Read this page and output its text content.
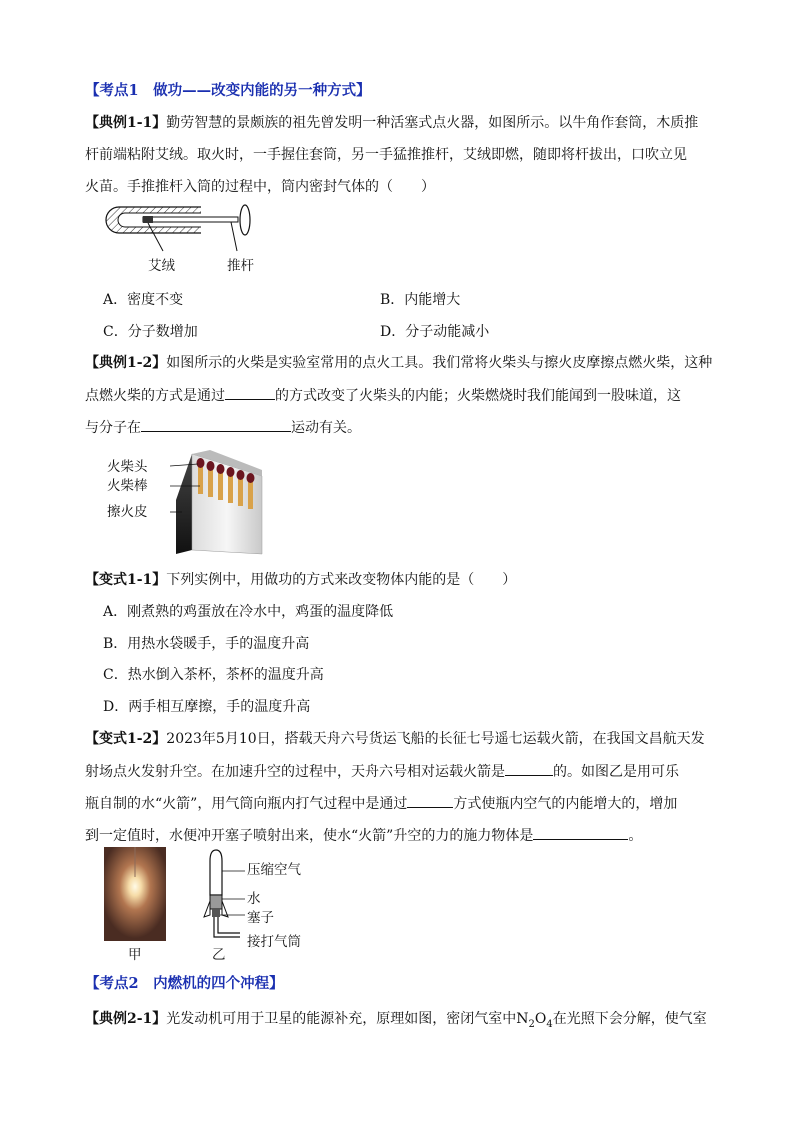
【考点1　做功——改变内能的另一种方式】
【典例1-1】勤劳智慧的景颇族的祖先曾发明一种活塞式点火器，如图所示。以牛角作套筒，木质推
杆前端粘附艾绒。取火时，一手握住套筒，另一手猛推推杆，艾绒即燃，随即将杆拔出，口吹立见
火苗。手推推杆入筒的过程中，筒内密封气体的（　　）
艾绒	推杆
A．密度不变	B．内能增大
C．分子数增加	D．分子动能减小
【典例1-2】如图所示的火柴是实验室常用的点火工具。我们常将火柴头与擦火皮摩擦点燃火柴，这种
点燃火柴的方式是通过	的方式改变了火柴头的内能；火柴燃烧时我们能闻到一股味道，这
与分子在	运动有关。
火柴头
火柴棒
擦火皮
【变式1-1】下列实例中，用做功的方式来改变物体内能的是（　　）
A．刚煮熟的鸡蛋放在冷水中，鸡蛋的温度降低
B．用热水袋暖手，手的温度升高
C．热水倒入茶杯，茶杯的温度升高
D．两手相互摩擦，手的温度升高
【变式1-2】2023年5月10日，搭载天舟六号货运飞船的长征七号遥七运载火箭，在我国文昌航天发
射场点火发射升空。在加速升空的过程中，天舟六号相对运载火箭是	的。如图乙是用可乐
瓶自制的水“火箭”，用气筒向瓶内打气过程中是通过	方式使瓶内空气的内能增大的，增加
到一定值时，水便冲开塞子喷射出来，使水“火箭”升空的力的施力物体是	。
甲
压缩空气
水
塞子
接打气筒
乙
【考点2　内燃机的四个冲程】
【典例2-1】光发动机可用于卫星的能源补充，原理如图，密闭气室中$N_2O_4$在光照下会分解，使气室
